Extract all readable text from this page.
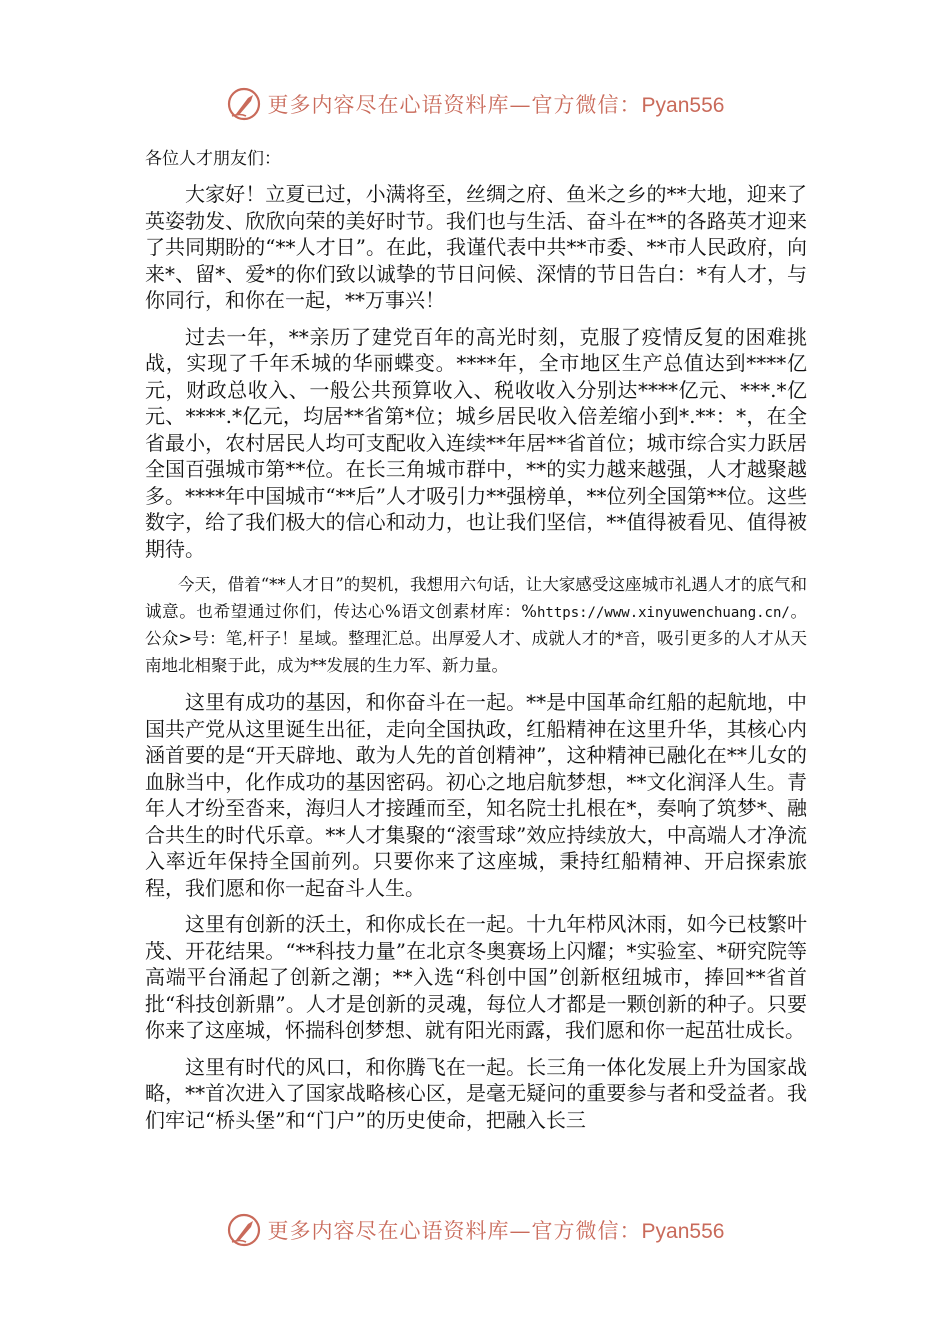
更多内容尽在心语资料库—官方微信：Pyan556
各位人才朋友们：

大家好！立夏已过，小满将至，丝绸之府、鱼米之乡的**大地，迎来了英姿勃发、欣欣向荣的美好时节。我们也与生活、奋斗在**的各路英才迎来了共同期盼的“**人才日”。在此，我谨代表中共**市委、**市人民政府，向来*、留*、爱*的你们致以诚挚的节日问候、深情的节日告白：*有人才，与你同行，和你在一起，**万事兴！

过去一年，**亲历了建党百年的高光时刻，克服了疫情反复的困难挑战，实现了千年禾城的华丽蝶变。****年，全市地区生产总值达到****亿元，财政总收入、一般公共预算收入、税收收入分别达****亿元、***.*亿元、****.*亿元，均居**省第*位；城乡居民收入倍差缩小到*.**：*，在全省最小，农村居民人均可支配收入连续**年居**省首位；城市综合实力跃居全国百强城市第**位。在长三角城市群中，**的实力越来越强，人才越聚越多。****年中国城市“**后”人才吸引力**强榜单，**位列全国第**位。这些数字，给了我们极大的信心和动力，也让我们坚信，**值得被看见、值得被期待。

今天，借着“**人才日”的契机，我想用六句话，让大家感受这座城市礼遇人才的底气和诚意。也希望通过你们，传达心%语文创素材库：%https://www.xinyuwenchuang.cn/。公众>号：笔,杆子！星域。整理汇总。出厚爱人才、成就人才的*音，吸引更多的人才从天南地北相聚于此，成为**发展的生力军、新力量。

这里有成功的基因，和你奋斗在一起。**是中国革命红船的起航地，中国共产党从这里诞生出征，走向全国执政，红船精神在这里升华，其核心内涵首要的是“开天辟地、敢为人先的首创精神”，这种精神已融化在**儿女的血脉当中，化作成功的基因密码。初心之地启航梦想，**文化润泽人生。青年人才纷至沓来，海归人才接踵而至，知名院士扎根在*，奏响了筑梦*、融合共生的时代乐章。**人才集聚的“滚雪球”效应持续放大，中高端人才净流入率近年保持全国前列。只要你来了这座城，秉持红船精神、开启探索旅程，我们愿和你一起奋斗人生。

这里有创新的沃土，和你成长在一起。十九年栉风沐雨，如今已枝繁叶茂、开花结果。“**科技力量”在北京冬奥赛场上闪耀；*实验室、*研究院等高端平台涌起了创新之潮；**入选“科创中国”创新枢纽城市，捧回**省首批“科技创新鼎”。人才是创新的灵魂，每位人才都是一颗创新的种子。只要你来了这座城，怀揣科创梦想、就有阳光雨露，我们愿和你一起茁壮成长。

这里有时代的风口，和你腾飞在一起。长三角一体化发展上升为国家战略，**首次进入了国家战略核心区，是毫无疑问的重要参与者和受益者。我们牢记“桥头堡”和“门户”的历史使命，把融入长三

更多内容尽在心语资料库—官方微信：Pyan556
